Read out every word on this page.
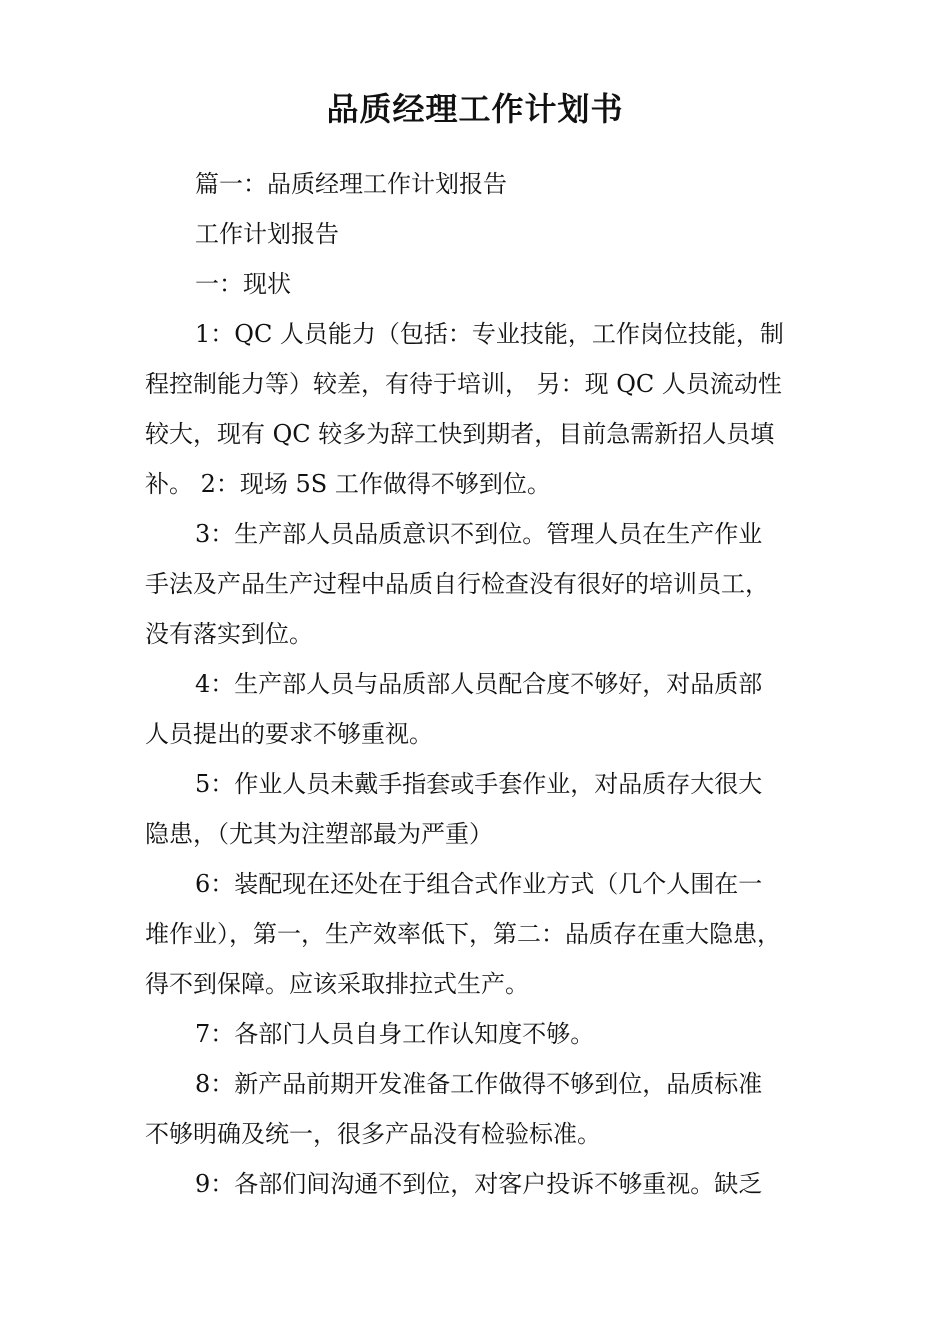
品质经理工作计划书
篇一：品质经理工作计划报告
工作计划报告
一：现状
1：QC 人员能力（包括：专业技能，工作岗位技能，制
程控制能力等）较差，有待于培训， 另：现 QC 人员流动性
较大，现有 QC 较多为辞工快到期者，目前急需新招人员填
补。 2：现场 5S 工作做得不够到位。
3：生产部人员品质意识不到位。管理人员在生产作业
手法及产品生产过程中品质自行检查没有很好的培训员工，
没有落实到位。
4：生产部人员与品质部人员配合度不够好，对品质部
人员提出的要求不够重视。
5：作业人员未戴手指套或手套作业，对品质存大很大
隐患，（尤其为注塑部最为严重）
6：装配现在还处在于组合式作业方式（几个人围在一
堆作业），第一，生产效率低下，第二：品质存在重大隐患，
得不到保障。应该采取排拉式生产。
7：各部门人员自身工作认知度不够。
8：新产品前期开发准备工作做得不够到位，品质标准
不够明确及统一，很多产品没有检验标准。
9：各部们间沟通不到位，对客户投诉不够重视。缺乏
